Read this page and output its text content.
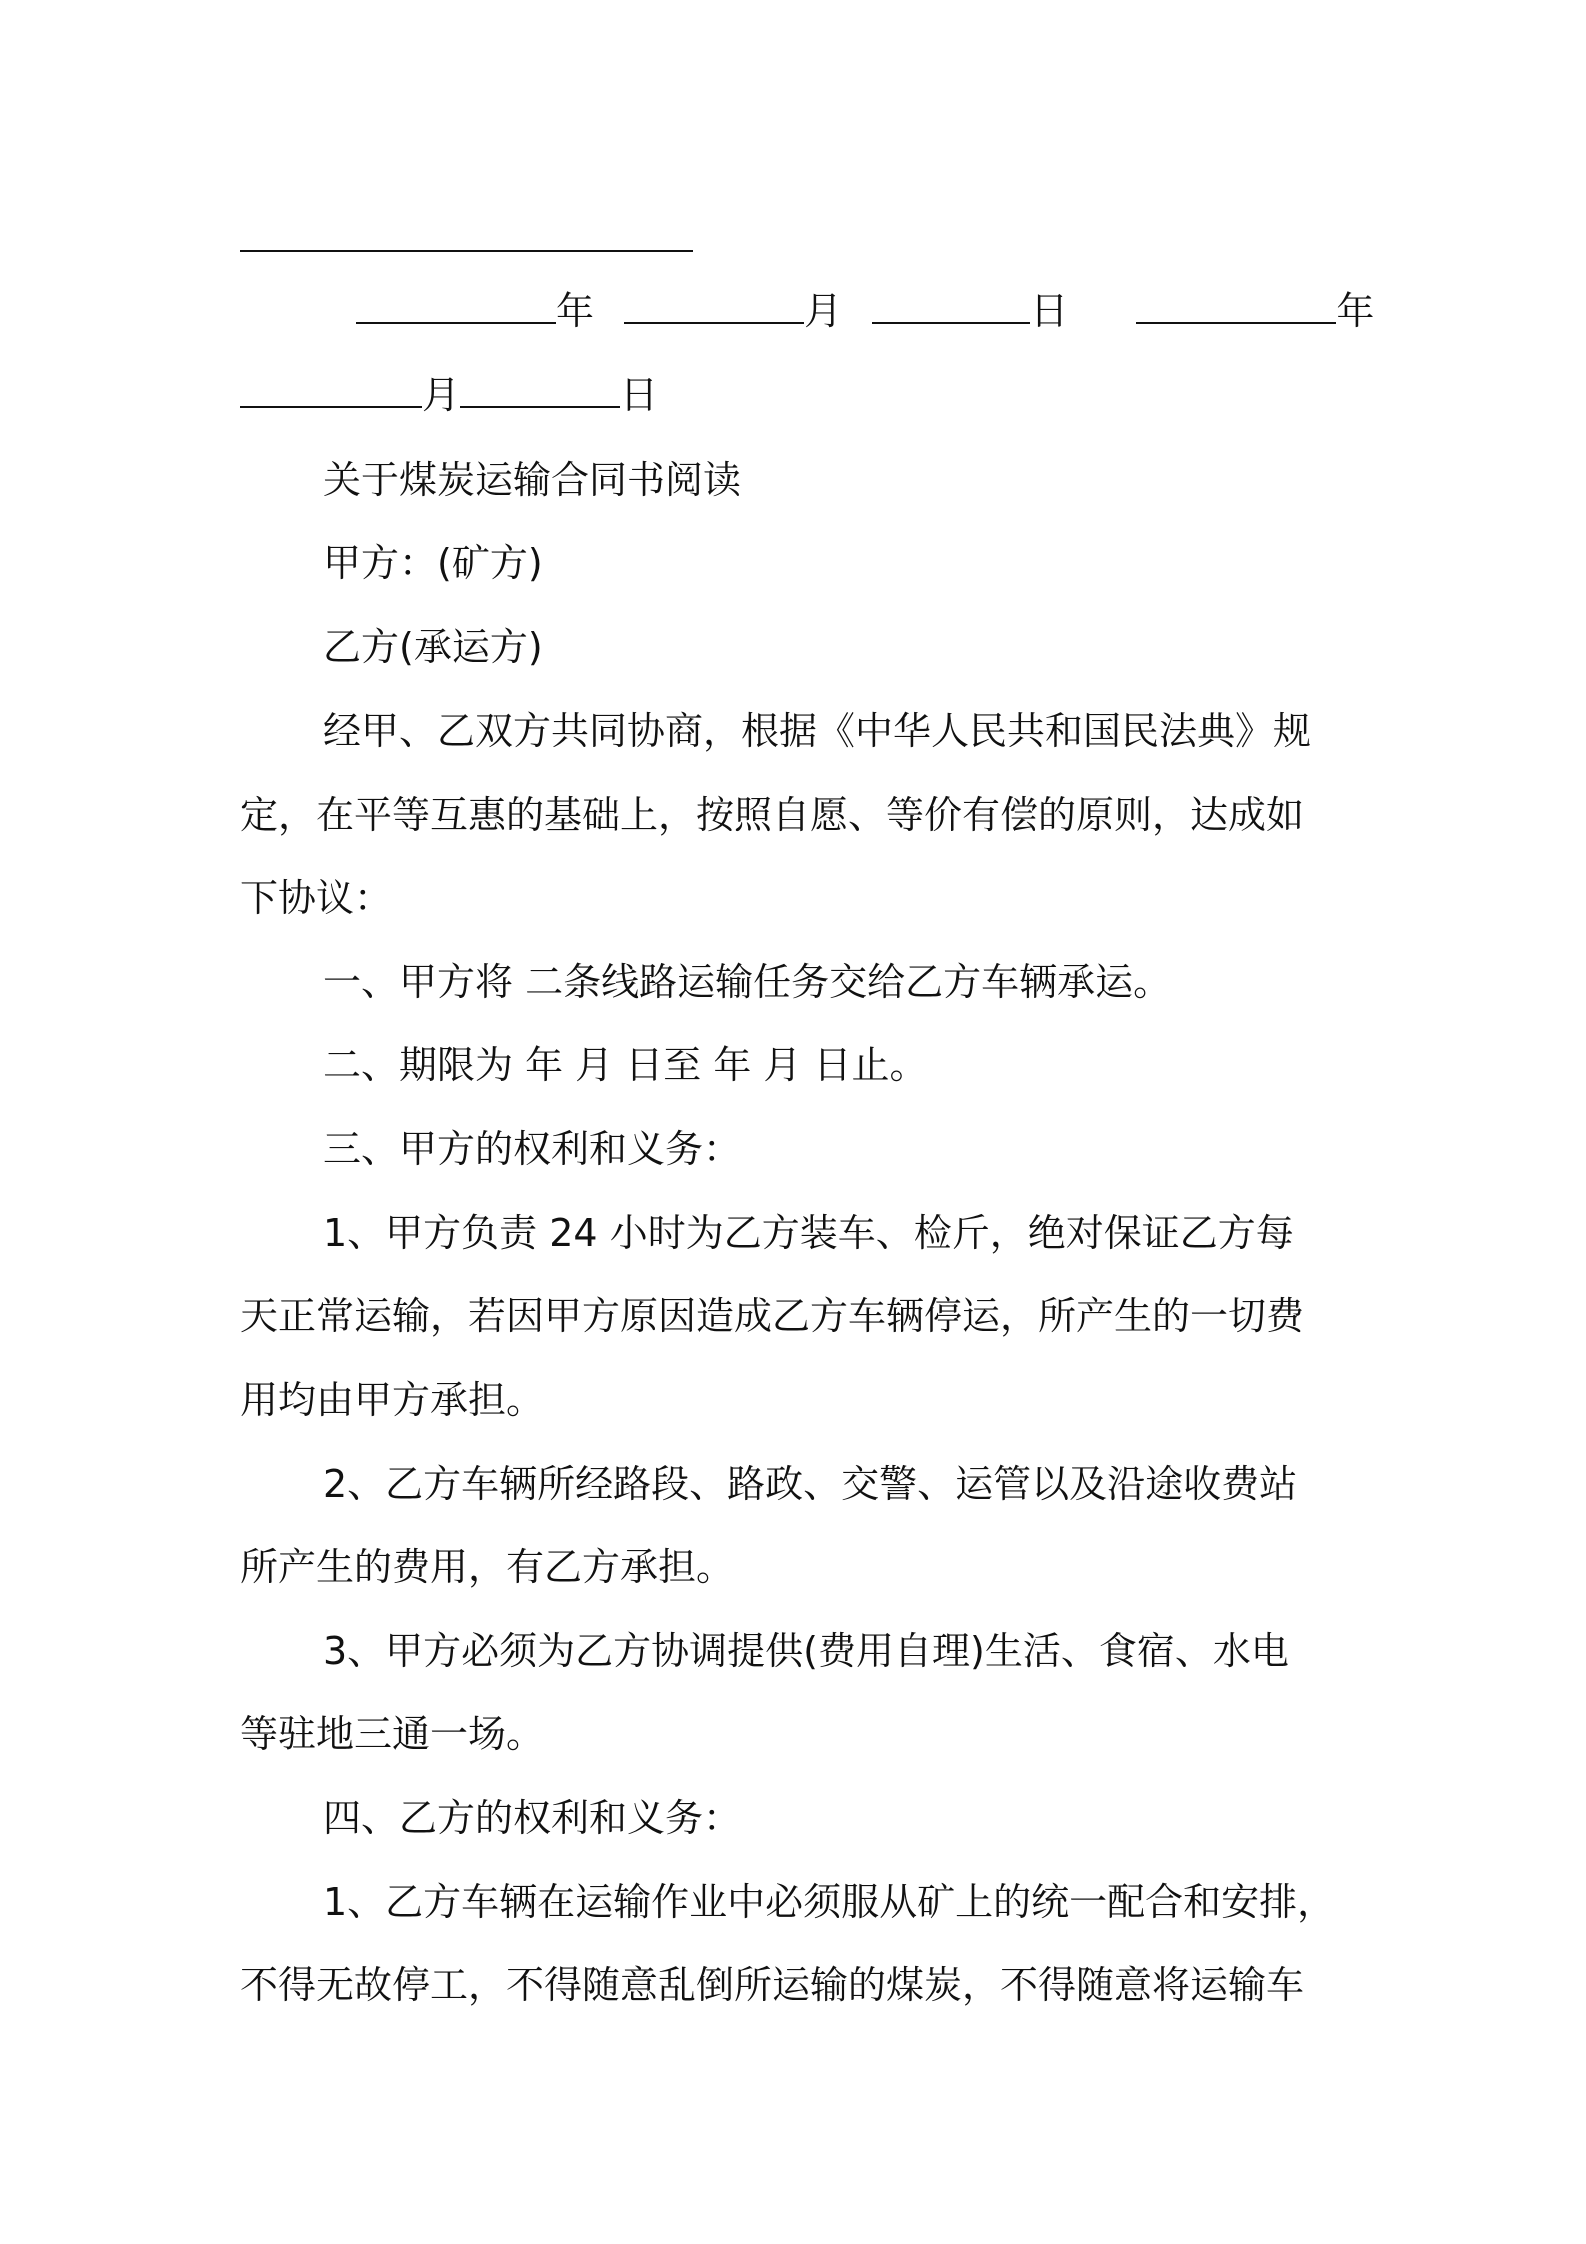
年	月	日	年
月	日
关于煤炭运输合同书阅读
甲方：(矿方)
乙方(承运方)
经甲、乙双方共同协商，根据《中华人民共和国民法典》规
定，在平等互惠的基础上，按照自愿、等价有偿的原则，达成如
下协议：
一、甲方将 二条线路运输任务交给乙方车辆承运。
二、期限为 年 月 日至 年 月 日止。
三、甲方的权利和义务：
1、甲方负责 24 小时为乙方装车、检斤，绝对保证乙方每
天正常运输，若因甲方原因造成乙方车辆停运，所产生的一切费
用均由甲方承担。
2、乙方车辆所经路段、路政、交警、运管以及沿途收费站
所产生的费用，有乙方承担。
3、甲方必须为乙方协调提供(费用自理)生活、食宿、水电
等驻地三通一场。
四、乙方的权利和义务：
1、乙方车辆在运输作业中必须服从矿上的统一配合和安排，
不得无故停工，不得随意乱倒所运输的煤炭，不得随意将运输车
